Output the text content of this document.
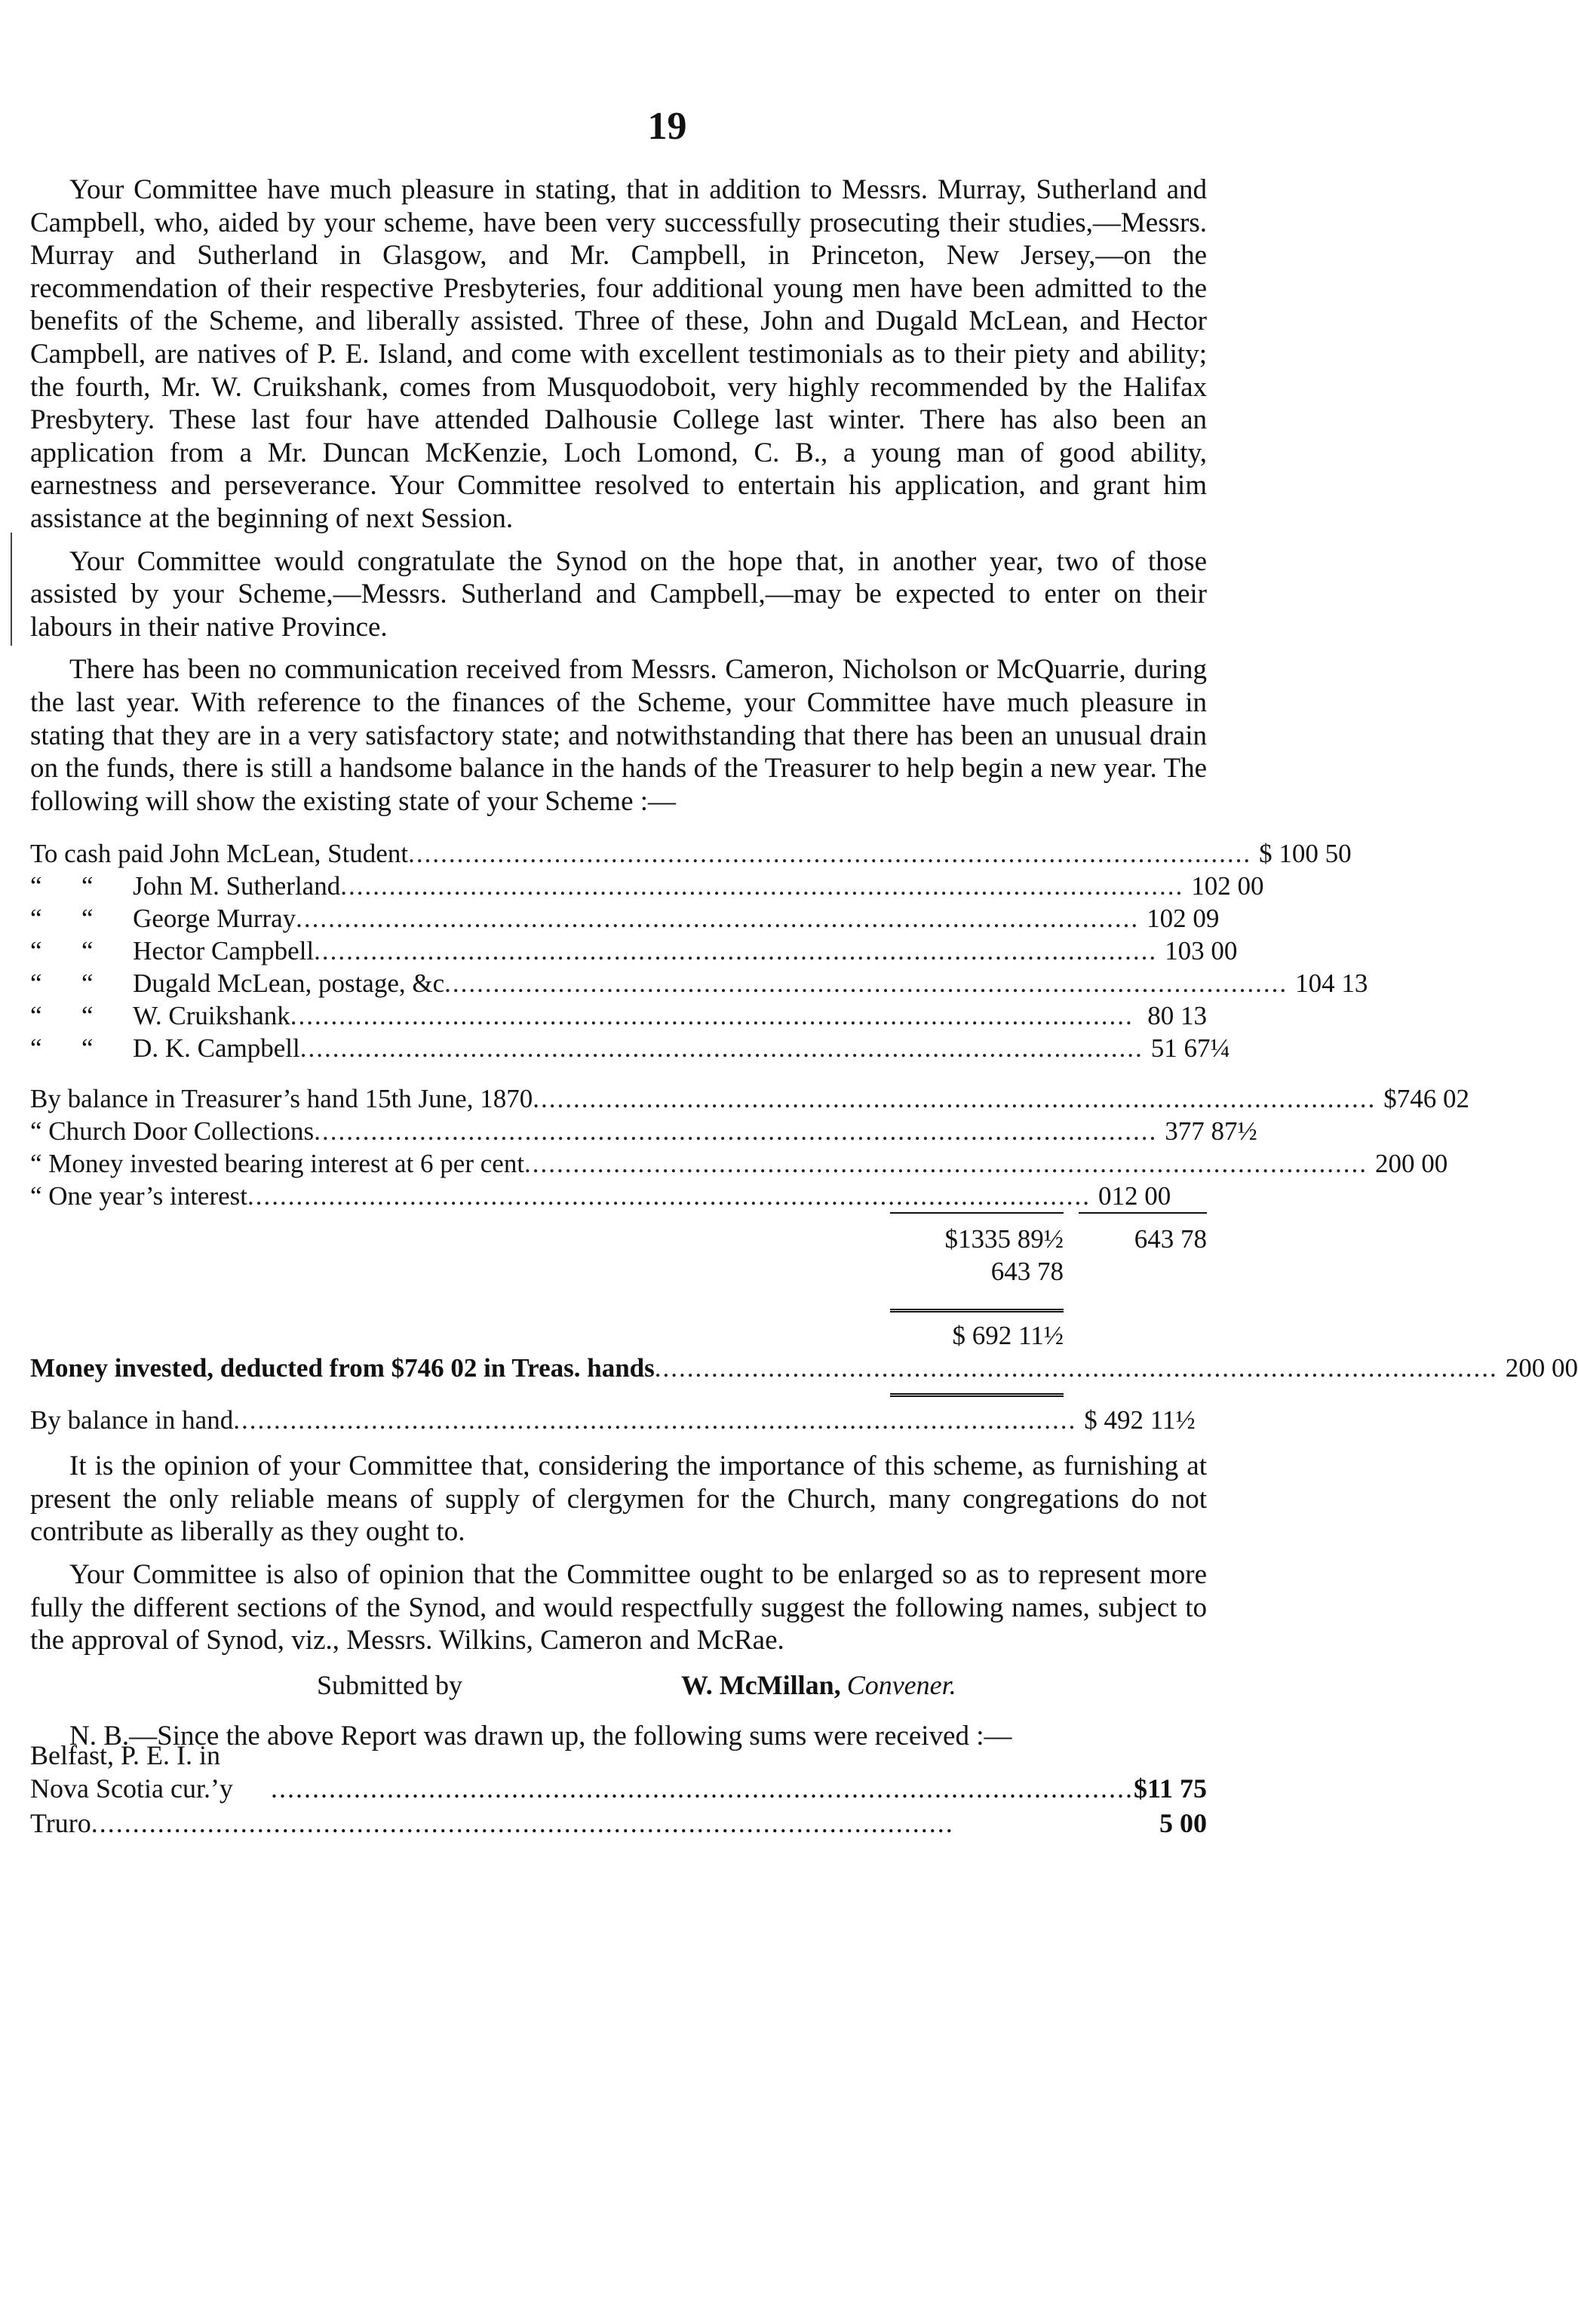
19

Your Committee have much pleasure in stating, that in addition to Messrs. Murray, Sutherland and Campbell, who, aided by your scheme, have been very successfully prosecuting their studies,—Messrs. Murray and Sutherland in Glasgow, and Mr. Campbell, in Princeton, New Jersey,—on the recommendation of their respective Presbyteries, four additional young men have been admitted to the benefits of the Scheme, and liberally assisted. Three of these, John and Dugald McLean, and Hector Campbell, are natives of P. E. Island, and come with excellent testimonials as to their piety and ability; the fourth, Mr. W. Cruikshank, comes from Musquodoboit, very highly recommended by the Halifax Presbytery. These last four have attended Dalhousie College last winter. There has also been an application from a Mr. Duncan McKenzie, Loch Lomond, C. B., a young man of good ability, earnestness and perseverance. Your Committee resolved to entertain his application, and grant him assistance at the beginning of next Session.

Your Committee would congratulate the Synod on the hope that, in another year, two of those assisted by your Scheme,—Messrs. Sutherland and Campbell,—may be expected to enter on their labours in their native Province.

There has been no communication received from Messrs. Cameron, Nicholson or McQuarrie, during the last year. With reference to the finances of the Scheme, your Committee have much pleasure in stating that they are in a very satisfactory state; and notwithstanding that there has been an unusual drain on the funds, there is still a handsome balance in the hands of the Treasurer to help begin a new year. The following will show the existing state of your Scheme :—

To cash paid John McLean, Student ........................................................................................................ $ 100 50
“      “ John M. Sutherland ........................................................................................................ 102 00
“      “ George Murray ........................................................................................................ 102 09
“      “ Hector Campbell ........................................................................................................ 103 00
“      “ Dugald McLean, postage, &c ........................................................................................................ 104 13
“      “ W. Cruikshank ........................................................................................................ 80 13
“      “ D. K. Campbell ........................................................................................................ 51 67¼
By balance in Treasurer’s hand 15th June, 1870 ........................................................................................................ $746 02
“ Church Door Collections ........................................................................................................ 377 87½
“ Money invested bearing interest at 6 per cent ........................................................................................................ 200 00
“ One year’s interest ........................................................................................................ 012 00
$1335 89½	643 78
643 78
$ 692 11½
Money invested, deducted from $746 02 in Treas. hands ........................................................................................................ 200 00
By balance in hand ........................................................................................................ $ 492 11½

It is the opinion of your Committee that, considering the importance of this scheme, as furnishing at present the only reliable means of supply of clergymen for the Church, many congregations do not contribute as liberally as they ought to.

Your Committee is also of opinion that the Committee ought to be enlarged so as to represent more fully the different sections of the Synod, and would respectfully suggest the following names, subject to the approval of Synod, viz., Messrs. Wilkins, Cameron and McRae.

Submitted by	W. McMillan, Convener.

N. B.—Since the above Report was drawn up, the following sums were received :—

Belfast, P. E. I. in Nova Scotia cur.’y	........................................................................................................ $11 75
Truro ........................................................................................................	5 00
